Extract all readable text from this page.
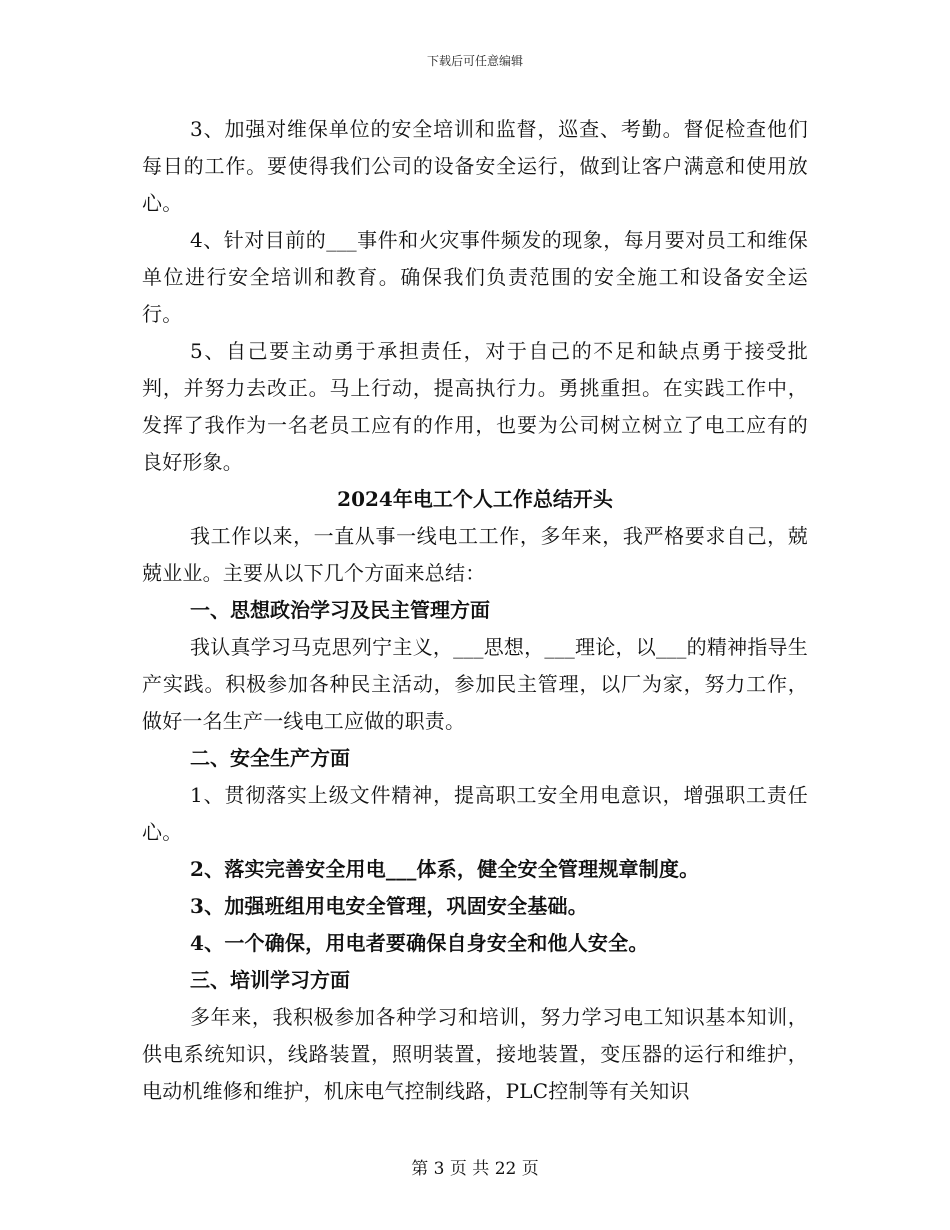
下载后可任意编辑

3、加强对维保单位的安全培训和监督，巡查、考勤。督促检查他们每日的工作。要使得我们公司的设备安全运行，做到让客户满意和使用放心。

4、针对目前的___事件和火灾事件频发的现象，每月要对员工和维保单位进行安全培训和教育。确保我们负责范围的安全施工和设备安全运行。

5、自己要主动勇于承担责任，对于自己的不足和缺点勇于接受批判，并努力去改正。马上行动，提高执行力。勇挑重担。在实践工作中，发挥了我作为一名老员工应有的作用，也要为公司树立树立了电工应有的良好形象。

2024年电工个人工作总结开头

我工作以来，一直从事一线电工工作，多年来，我严格要求自己，兢兢业业。主要从以下几个方面来总结：

一、思想政治学习及民主管理方面

我认真学习马克思列宁主义，___思想，___理论，以___的精神指导生产实践。积极参加各种民主活动，参加民主管理，以厂为家，努力工作，做好一名生产一线电工应做的职责。

二、安全生产方面

1、贯彻落实上级文件精神，提高职工安全用电意识，增强职工责任心。

2、落实完善安全用电___体系，健全安全管理规章制度。

3、加强班组用电安全管理，巩固安全基础。

4、一个确保，用电者要确保自身安全和他人安全。

三、培训学习方面

多年来，我积极参加各种学习和培训，努力学习电工知识基本知训，供电系统知识，线路装置，照明装置，接地装置，变压器的运行和维护，电动机维修和维护，机床电气控制线路，PLC控制等有关知识

第 3 页 共 22 页
